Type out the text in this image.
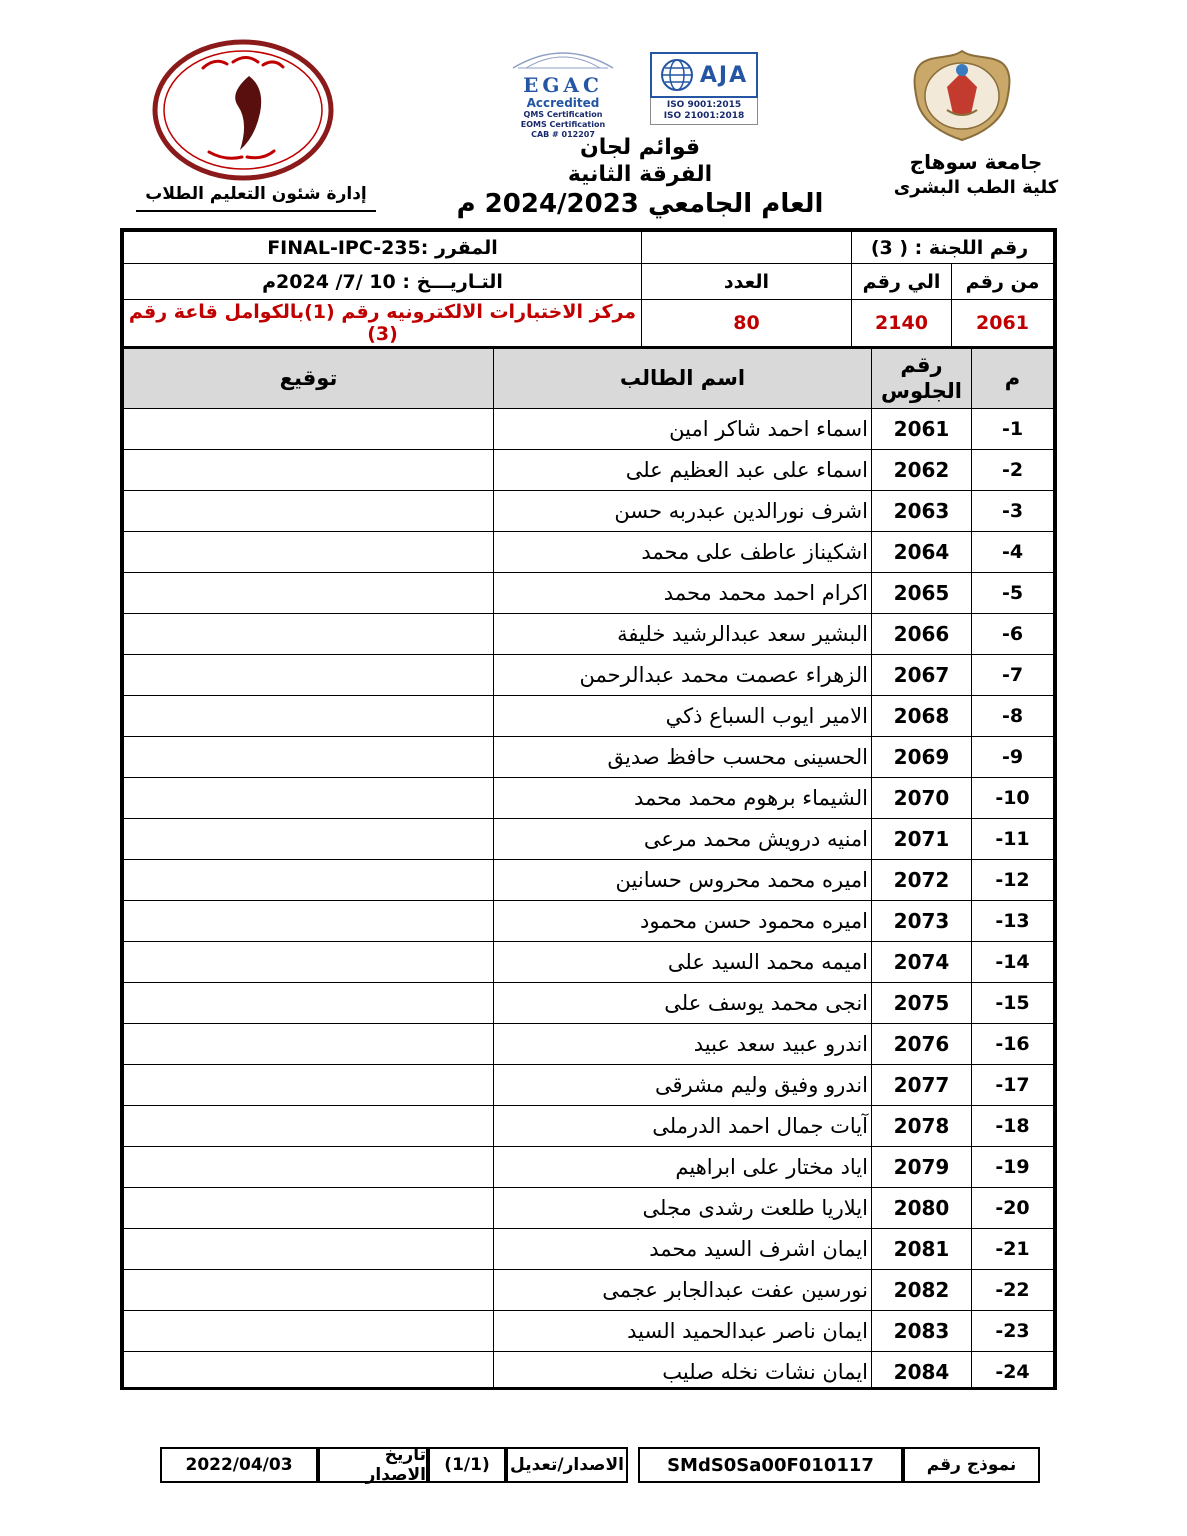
إدارة شئون التعليم الطلاب
EGAC
Accredited
QMS Certification
EOMS Certification
CAB # 012207
AJA
ISO 9001:2015
ISO 21001:2018
قوائم لجان
الفرقة الثانية
العام الجامعي 2024/2023 م
جامعة سوهاج
كلية الطب البشرى
رقم اللجنة : ( 3)			المقرر :FINAL-IPC-235
من رقم	الي رقم	العدد	التـاريـــخ : 10 /7/ 2024م
2061	2140	80	مركز الاختبارات الالكترونيه رقم (1)بالكوامل قاعة رقم (3)
م	رقم الجلوس	اسم الطالب	توقيع
-1	2061	اسماء احمد شاكر امين	
-2	2062	اسماء على عبد العظيم على	
-3	2063	اشرف نورالدين عبدربه حسن	
-4	2064	اشكيناز عاطف على محمد	
-5	2065	اكرام احمد محمد محمد	
-6	2066	البشير سعد عبدالرشيد خليفة	
-7	2067	الزهراء عصمت محمد عبدالرحمن	
-8	2068	الامير ايوب السباع ذكي	
-9	2069	الحسينى محسب حافظ صديق	
-10	2070	الشيماء برهوم محمد محمد	
-11	2071	امنيه درويش محمد مرعى	
-12	2072	اميره محمد محروس حسانين	
-13	2073	اميره محمود حسن محمود	
-14	2074	اميمه محمد السيد على	
-15	2075	انجى محمد يوسف على	
-16	2076	اندرو عبيد سعد عبيد	
-17	2077	اندرو وفيق وليم مشرقى	
-18	2078	آيات جمال احمد الدرملى	
-19	2079	اياد مختار على ابراهيم	
-20	2080	ايلاريا طلعت رشدى مجلى	
-21	2081	ايمان اشرف السيد محمد	
-22	2082	نورسين عفت عبدالجابر عجمى	
-23	2083	ايمان ناصر عبدالحميد السيد	
-24	2084	ايمان نشات نخله صليب	
نموذج رقم
SMdS0Sa00F010117
الاصدار/تعديل
(1/1)
تاريخ الاصدار
2022/04/03
